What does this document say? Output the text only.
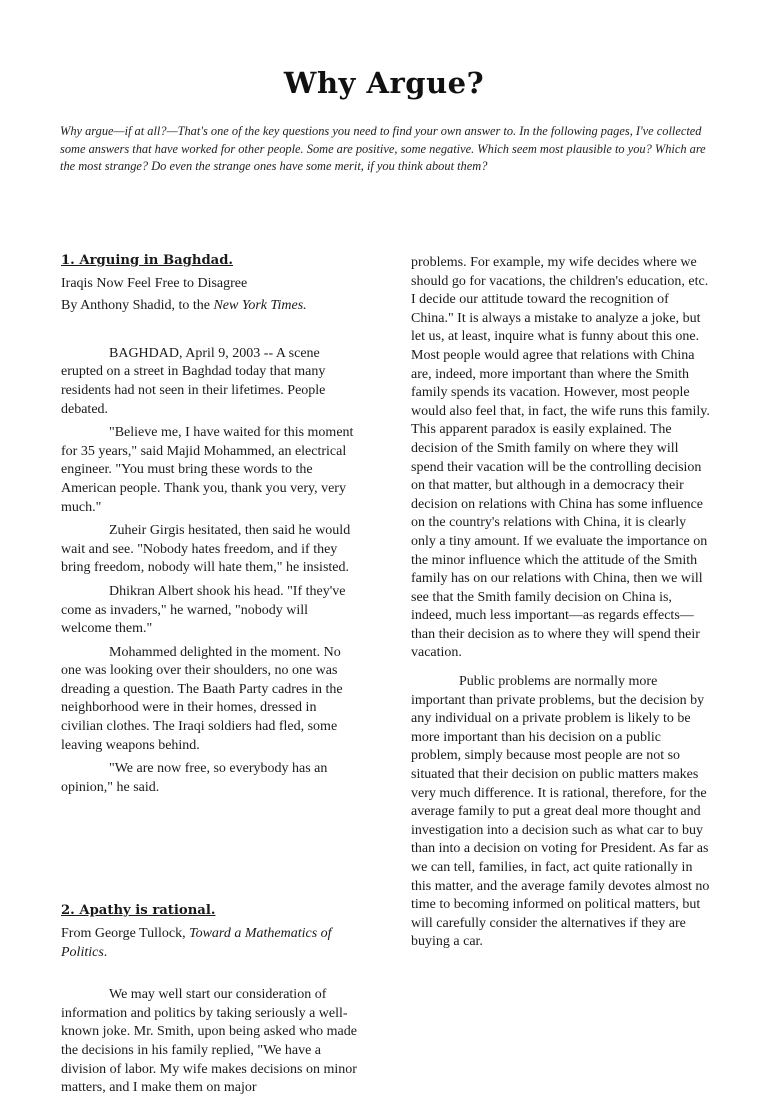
Why Argue?

Why argue—if at all?—That's one of the key questions you need to find your own answer to. In the following pages, I've collected some answers that have worked for other people. Some are positive, some negative. Which seem most plausible to you? Which are the most strange? Do even the strange ones have some merit, if you think about them?

1. Arguing in Baghdad.

Iraqis Now Feel Free to Disagree

By Anthony Shadid, to the New York Times.

BAGHDAD, April 9, 2003 -- A scene erupted on a street in Baghdad today that many residents had not seen in their lifetimes. People debated.

"Believe me, I have waited for this moment for 35 years," said Majid Mohammed, an electrical engineer. "You must bring these words to the American people. Thank you, thank you very, very much."

Zuheir Girgis hesitated, then said he would wait and see. "Nobody hates freedom, and if they bring freedom, nobody will hate them," he insisted.

Dhikran Albert shook his head. "If they've come as invaders," he warned, "nobody will welcome them."

Mohammed delighted in the moment. No one was looking over their shoulders, no one was dreading a question. The Baath Party cadres in the neighborhood were in their homes, dressed in civilian clothes. The Iraqi soldiers had fled, some leaving weapons behind.

"We are now free, so everybody has an opinion," he said.

2. Apathy is rational.

From George Tullock, Toward a Mathematics of Politics.

We may well start our consideration of information and politics by taking seriously a well-known joke. Mr. Smith, upon being asked who made the decisions in his family replied, "We have a division of labor. My wife makes decisions on minor matters, and I make them on major

problems. For example, my wife decides where we should go for vacations, the children's education, etc. I decide our attitude toward the recognition of China." It is always a mistake to analyze a joke, but let us, at least, inquire what is funny about this one. Most people would agree that relations with China are, indeed, more important than where the Smith family spends its vacation. However, most people would also feel that, in fact, the wife runs this family. This apparent paradox is easily explained. The decision of the Smith family on where they will spend their vacation will be the controlling decision on that matter, but although in a democracy their decision on relations with China has some influence on the country's relations with China, it is clearly only a tiny amount. If we evaluate the importance on the minor influence which the attitude of the Smith family has on our relations with China, then we will see that the Smith family decision on China is, indeed, much less important—as regards effects—than their decision as to where they will spend their vacation.

Public problems are normally more important than private problems, but the decision by any individual on a private problem is likely to be more important than his decision on a public problem, simply because most people are not so situated that their decision on public matters makes very much difference. It is rational, therefore, for the average family to put a great deal more thought and investigation into a decision such as what car to buy than into a decision on voting for President. As far as we can tell, families, in fact, act quite rationally in this matter, and the average family devotes almost no time to becoming informed on political matters, but will carefully consider the alternatives if they are buying a car.
